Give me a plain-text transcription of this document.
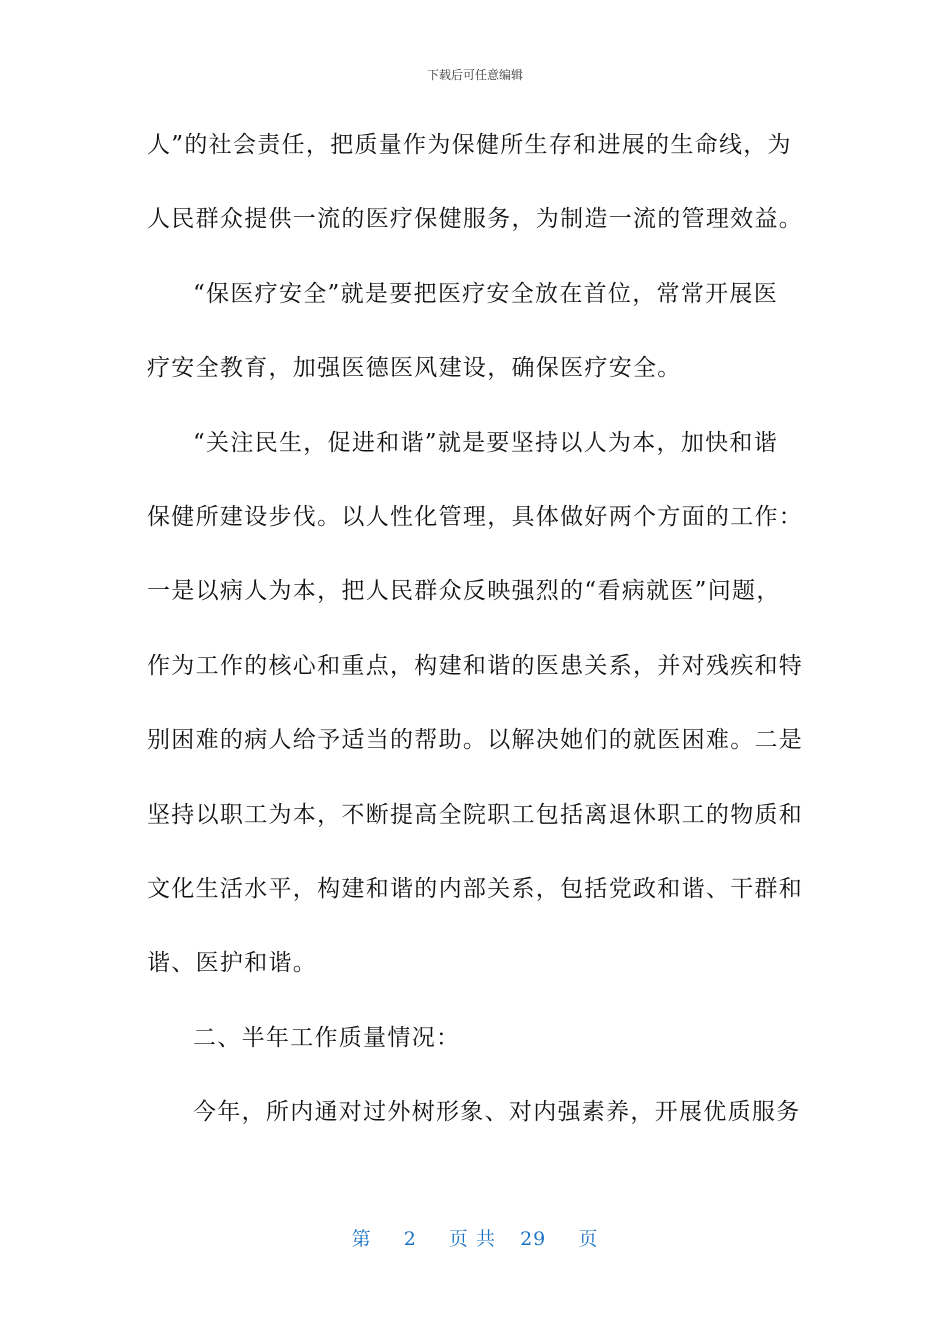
下载后可任意编辑
人”的社会责任，把质量作为保健所生存和进展的生命线，为
人民群众提供一流的医疗保健服务，为制造一流的管理效益。
“保医疗安全”就是要把医疗安全放在首位，常常开展医
疗安全教育，加强医德医风建设，确保医疗安全。
“关注民生，促进和谐”就是要坚持以人为本，加快和谐
保健所建设步伐。以人性化管理，具体做好两个方面的工作：
一是以病人为本，把人民群众反映强烈的“看病就医”问题，
作为工作的核心和重点，构建和谐的医患关系，并对残疾和特
别困难的病人给予适当的帮助。以解决她们的就医困难。二是
坚持以职工为本，不断提高全院职工包括离退休职工的物质和
文化生活水平，构建和谐的内部关系，包括党政和谐、干群和
谐、医护和谐。
二、半年工作质量情况：
今年，所内通对过外树形象、对内强素养，开展优质服务
第 2 页 共 29 页
